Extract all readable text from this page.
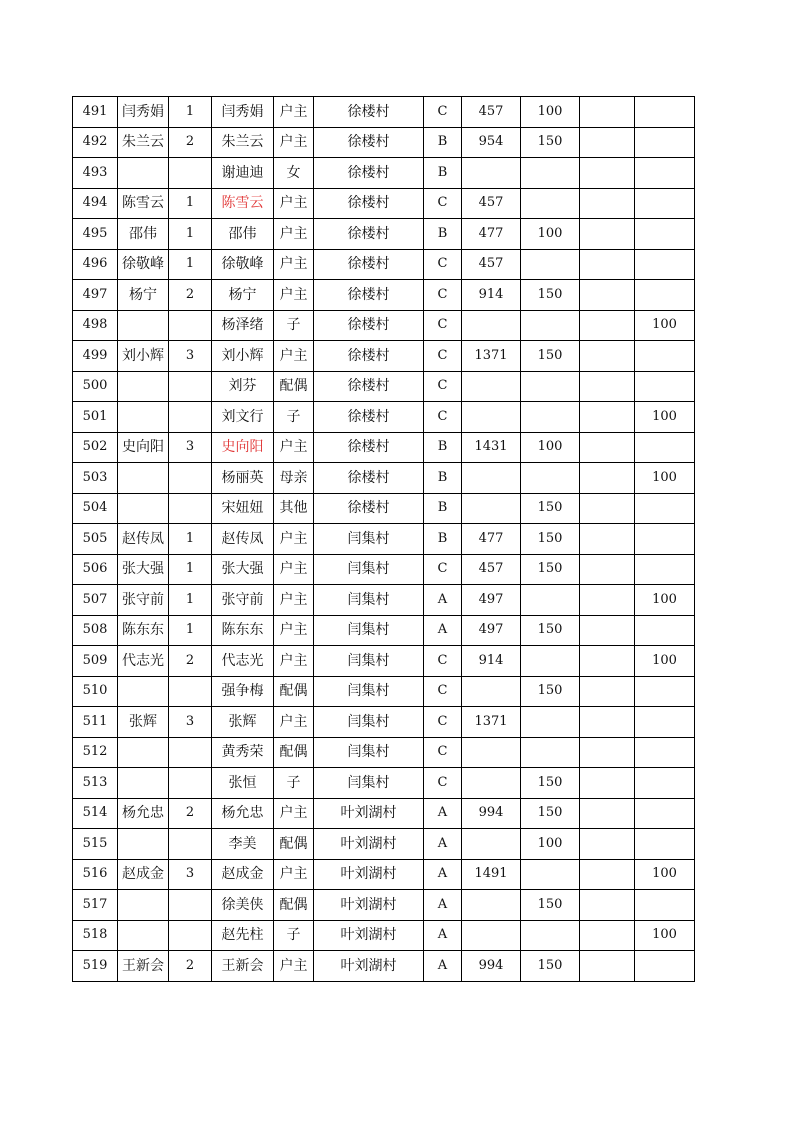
491	闫秀娟	1	闫秀娟	户主	徐楼村	C	457	100		
492	朱兰云	2	朱兰云	户主	徐楼村	B	954	150		
493			谢迪迪	女	徐楼村	B				
494	陈雪云	1	陈雪云	户主	徐楼村	C	457			
495	邵伟	1	邵伟	户主	徐楼村	B	477	100		
496	徐敬峰	1	徐敬峰	户主	徐楼村	C	457			
497	杨宁	2	杨宁	户主	徐楼村	C	914	150		
498			杨泽绪	子	徐楼村	C				100
499	刘小辉	3	刘小辉	户主	徐楼村	C	1371	150		
500			刘芬	配偶	徐楼村	C				
501			刘文行	子	徐楼村	C				100
502	史向阳	3	史向阳	户主	徐楼村	B	1431	100		
503			杨丽英	母亲	徐楼村	B				100
504			宋妞妞	其他	徐楼村	B		150		
505	赵传凤	1	赵传凤	户主	闫集村	B	477	150		
506	张大强	1	张大强	户主	闫集村	C	457	150		
507	张守前	1	张守前	户主	闫集村	A	497			100
508	陈东东	1	陈东东	户主	闫集村	A	497	150		
509	代志光	2	代志光	户主	闫集村	C	914			100
510			强争梅	配偶	闫集村	C		150		
511	张辉	3	张辉	户主	闫集村	C	1371			
512			黄秀荣	配偶	闫集村	C				
513			张恒	子	闫集村	C		150		
514	杨允忠	2	杨允忠	户主	叶刘湖村	A	994	150		
515			李美	配偶	叶刘湖村	A		100		
516	赵成金	3	赵成金	户主	叶刘湖村	A	1491			100
517			徐美侠	配偶	叶刘湖村	A		150		
518			赵先柱	子	叶刘湖村	A				100
519	王新会	2	王新会	户主	叶刘湖村	A	994	150		
